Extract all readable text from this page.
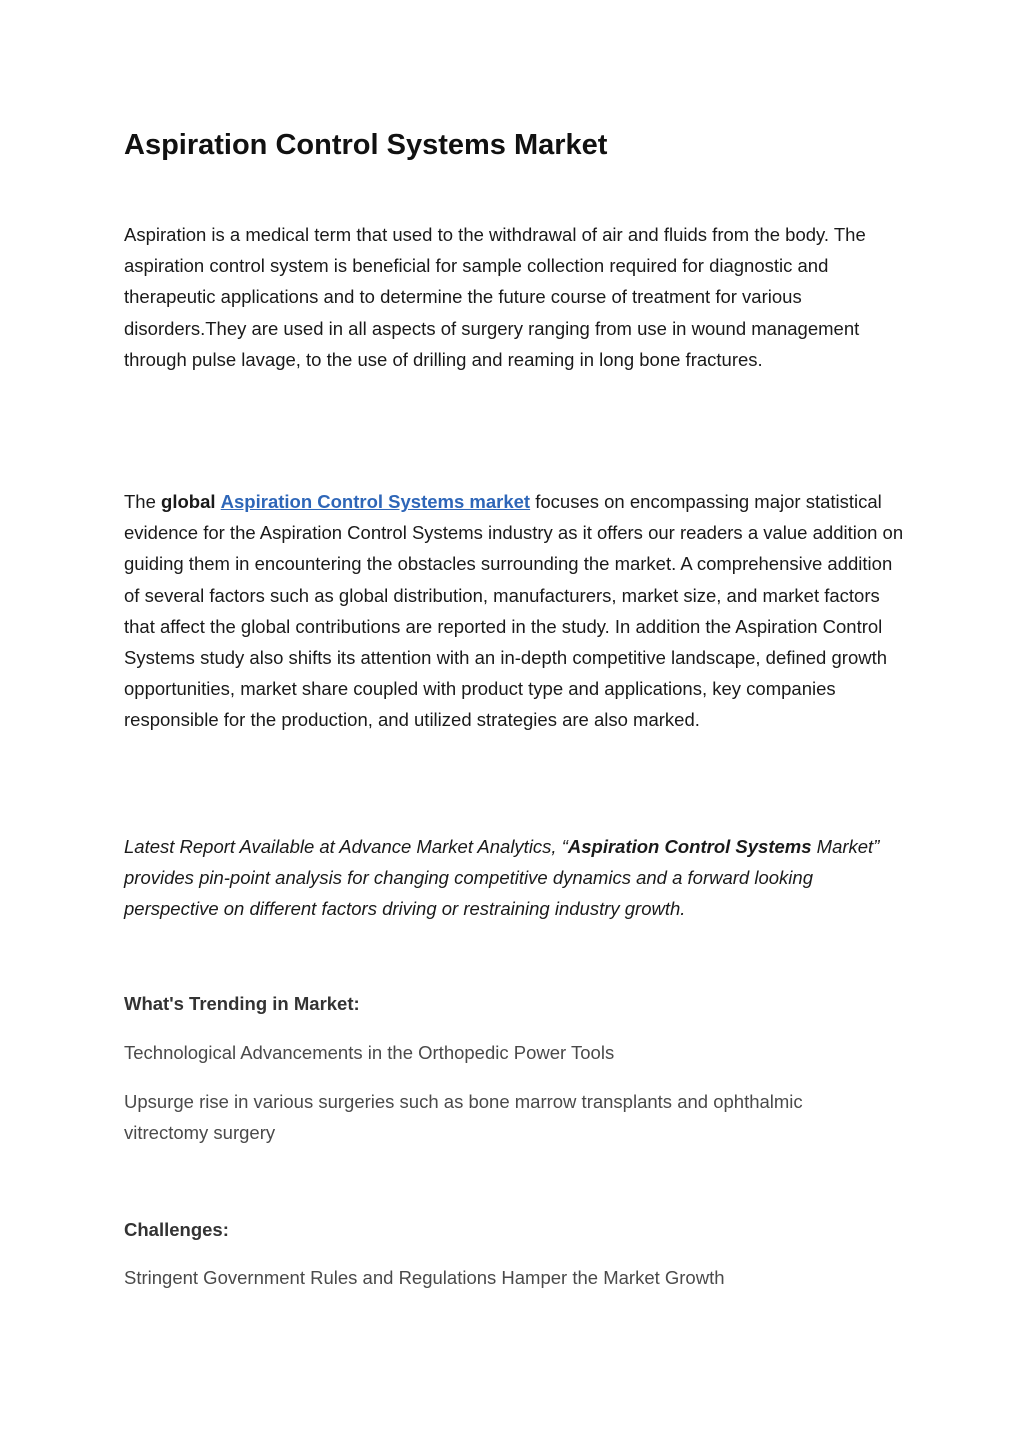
Aspiration Control Systems Market

Aspiration is a medical term that used to the withdrawal of air and fluids from the body. The aspiration control system is beneficial for sample collection required for diagnostic and therapeutic applications and to determine the future course of treatment for various disorders.They are used in all aspects of surgery ranging from use in wound management through pulse lavage, to the use of drilling and reaming in long bone fractures.

The global Aspiration Control Systems market focuses on encompassing major statistical evidence for the Aspiration Control Systems industry as it offers our readers a value addition on guiding them in encountering the obstacles surrounding the market. A comprehensive addition of several factors such as global distribution, manufacturers, market size, and market factors that affect the global contributions are reported in the study. In addition the Aspiration Control Systems study also shifts its attention with an in-depth competitive landscape, defined growth opportunities, market share coupled with product type and applications, key companies responsible for the production, and utilized strategies are also marked.

Latest Report Available at Advance Market Analytics, “Aspiration Control Systems Market” provides pin-point analysis for changing competitive dynamics and a forward looking perspective on different factors driving or restraining industry growth.

What's Trending in Market:

Technological Advancements in the Orthopedic Power Tools

Upsurge rise in various surgeries such as bone marrow transplants and ophthalmic vitrectomy surgery

Challenges:

Stringent Government Rules and Regulations Hamper the Market Growth
